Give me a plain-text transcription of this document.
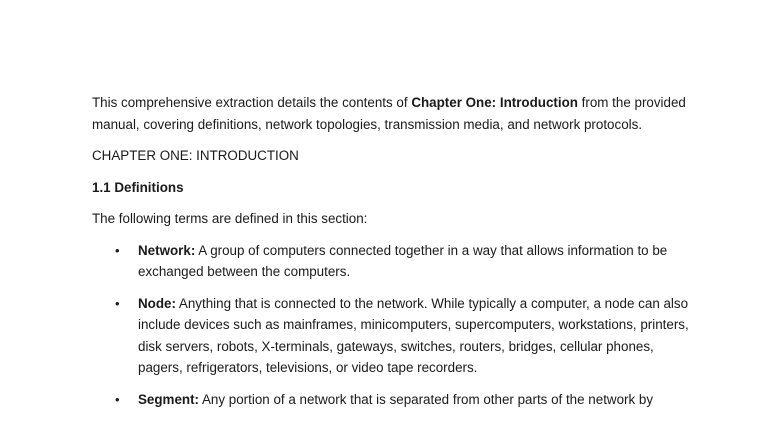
This comprehensive extraction details the contents of Chapter One: Introduction from the provided manual, covering definitions, network topologies, transmission media, and network protocols.

CHAPTER ONE: INTRODUCTION

1.1 Definitions

The following terms are defined in this section:

• Network: A group of computers connected together in a way that allows information to be exchanged between the computers.
• Node: Anything that is connected to the network. While typically a computer, a node can also include devices such as mainframes, minicomputers, supercomputers, workstations, printers, disk servers, robots, X-terminals, gateways, switches, routers, bridges, cellular phones, pagers, refrigerators, televisions, or video tape recorders.
• Segment: Any portion of a network that is separated from other parts of the network by
